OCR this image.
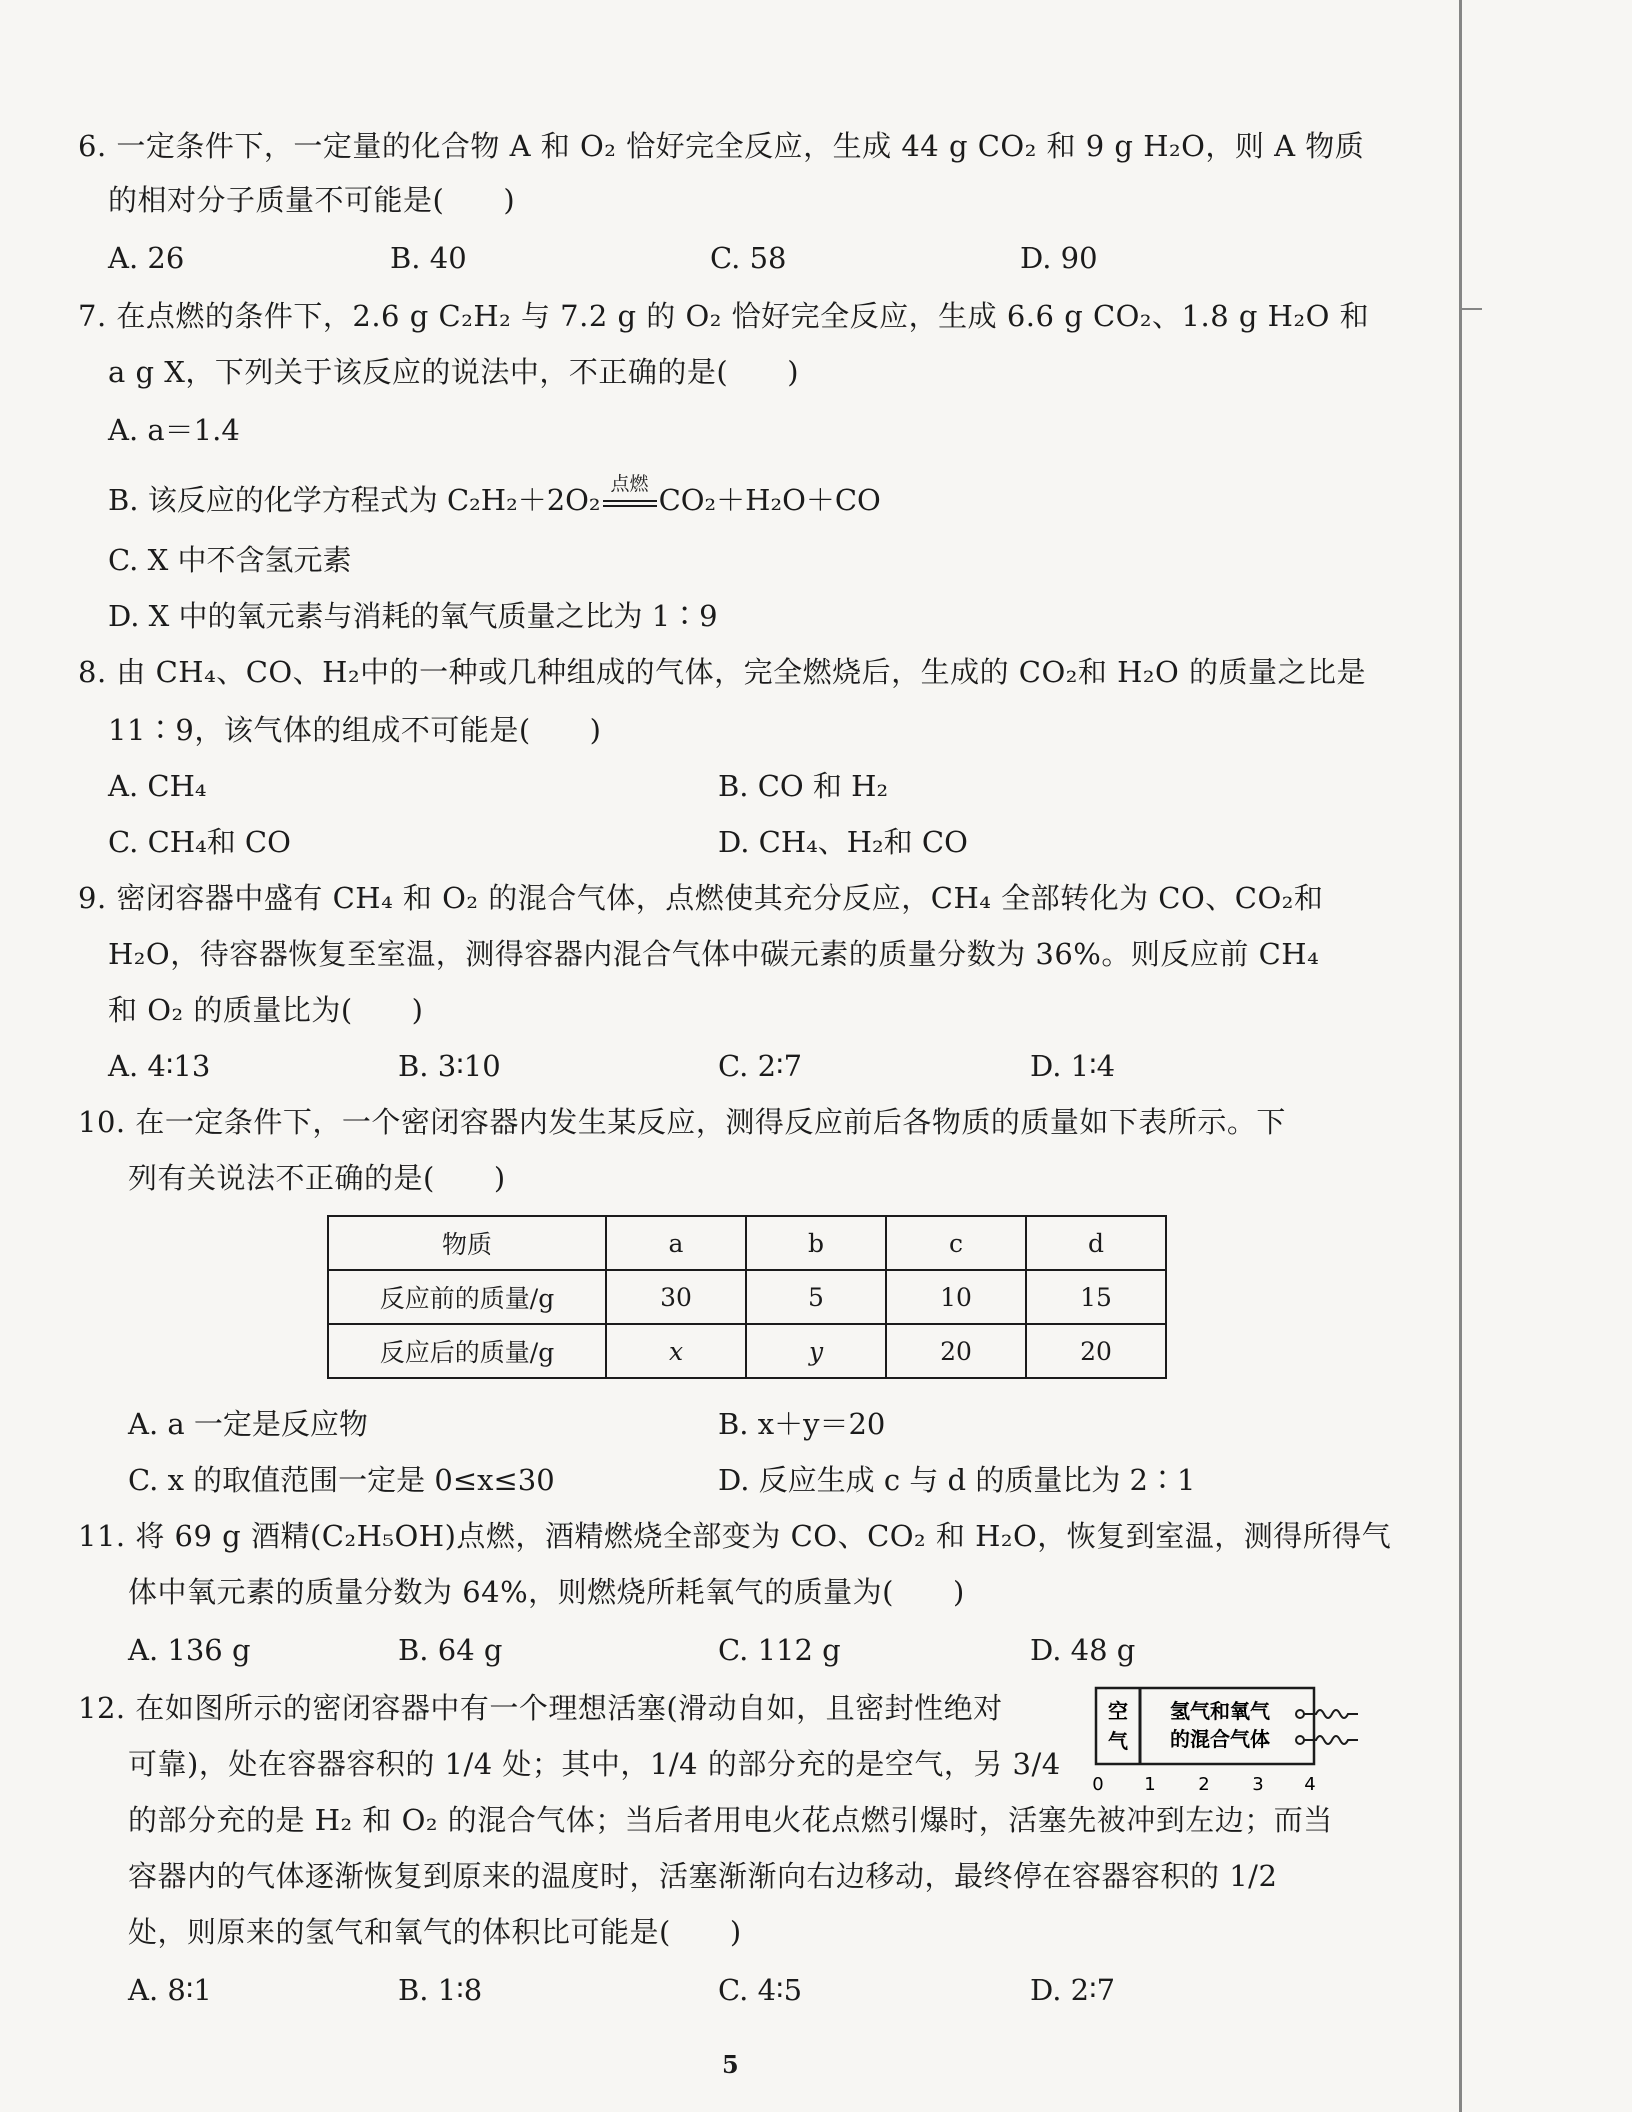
6. 一定条件下，一定量的化合物 A 和 O₂ 恰好完全反应，生成 44 g CO₂ 和 9 g H₂O，则 A 物质
的相对分子质量不可能是(　　)
A. 26	B. 40	C. 58	D. 90
7. 在点燃的条件下，2.6 g C₂H₂ 与 7.2 g 的 O₂ 恰好完全反应，生成 6.6 g CO₂、1.8 g H₂O 和
a g X，下列关于该反应的说法中，不正确的是(　　)
A. a＝1.4
B. 该反应的化学方程式为 C₂H₂＋2O₂ 点燃 CO₂＋H₂O＋CO
C. X 中不含氢元素
D. X 中的氧元素与消耗的氧气质量之比为 1∶9
8. 由 CH₄、CO、H₂中的一种或几种组成的气体，完全燃烧后，生成的 CO₂和 H₂O 的质量之比是
11∶9，该气体的组成不可能是(　　)
A. CH₄	B. CO 和 H₂
C. CH₄和 CO	D. CH₄、H₂和 CO
9. 密闭容器中盛有 CH₄ 和 O₂ 的混合气体，点燃使其充分反应，CH₄ 全部转化为 CO、CO₂和
H₂O，待容器恢复至室温，测得容器内混合气体中碳元素的质量分数为 36%。则反应前 CH₄
和 O₂ 的质量比为(　　)
A. 4∶13	B. 3∶10	C. 2∶7	D. 1∶4
10. 在一定条件下，一个密闭容器内发生某反应，测得反应前后各物质的质量如下表所示。下
列有关说法不正确的是(　　)
物质	a	b	c	d
反应前的质量/g	30	5	10	15
反应后的质量/g	x	y	20	20
A. a 一定是反应物	B. x＋y＝20
C. x 的取值范围一定是 0≤x≤30	D. 反应生成 c 与 d 的质量比为 2∶1
11. 将 69 g 酒精(C₂H₅OH)点燃，酒精燃烧全部变为 CO、CO₂ 和 H₂O，恢复到室温，测得所得气
体中氧元素的质量分数为 64%，则燃烧所耗氧气的质量为(　　)
A. 136 g	B. 64 g	C. 112 g	D. 48 g
12. 在如图所示的密闭容器中有一个理想活塞(滑动自如，且密封性绝对
可靠)，处在容器容积的 1/4 处；其中，1/4 的部分充的是空气，另 3/4
的部分充的是 H₂ 和 O₂ 的混合气体；当后者用电火花点燃引爆时，活塞先被冲到左边；而当
容器内的气体逐渐恢复到原来的温度时，活塞渐渐向右边移动，最终停在容器容积的 1/2
处，则原来的氢气和氧气的体积比可能是(　　)
A. 8∶1	B. 1∶8	C. 4∶5	D. 2∶7
空
气
氢气和氧气
的混合气体
0 1 2 3 4
5
